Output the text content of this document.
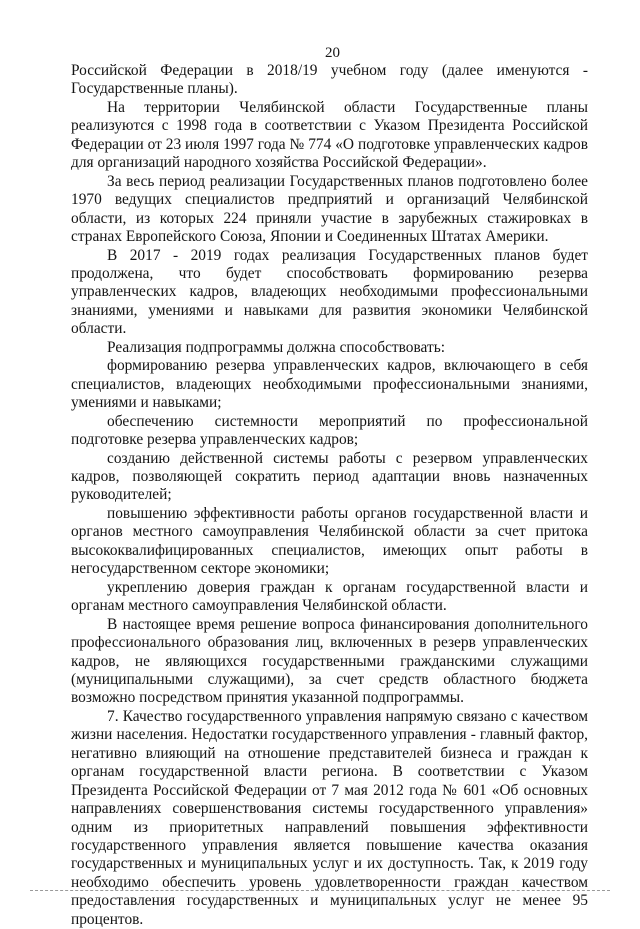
20

Российской Федерации в 2018/19 учебном году (далее именуются - Государственные планы).

На территории Челябинской области Государственные планы реализуются с 1998 года в соответствии с Указом Президента Российской Федерации от 23 июля 1997 года № 774 «О подготовке управленческих кадров для организаций народного хозяйства Российской Федерации».

За весь период реализации Государственных планов подготовлено более 1970 ведущих специалистов предприятий и организаций Челябинской области, из которых 224 приняли участие в зарубежных стажировках в странах Европейского Союза, Японии и Соединенных Штатах Америки.

В 2017 - 2019 годах реализация Государственных планов будет продолжена, что будет способствовать формированию резерва управленческих кадров, владеющих необходимыми профессиональными знаниями, умениями и навыками для развития экономики Челябинской области.

Реализация подпрограммы должна способствовать:

формированию резерва управленческих кадров, включающего в себя специалистов, владеющих необходимыми профессиональными знаниями, умениями и навыками;

обеспечению системности мероприятий по профессиональной подготовке резерва управленческих кадров;

созданию действенной системы работы с резервом управленческих кадров, позволяющей сократить период адаптации вновь назначенных руководителей;

повышению эффективности работы органов государственной власти и органов местного самоуправления Челябинской области за счет притока высококвалифицированных специалистов, имеющих опыт работы в негосударственном секторе экономики;

укреплению доверия граждан к органам государственной власти и органам местного самоуправления Челябинской области.

В настоящее время решение вопроса финансирования дополнительного профессионального образования лиц, включенных в резерв управленческих кадров, не являющихся государственными гражданскими служащими (муниципальными служащими), за счет средств областного бюджета возможно посредством принятия указанной подпрограммы.

7. Качество государственного управления напрямую связано с качеством жизни населения. Недостатки государственного управления - главный фактор, негативно влияющий на отношение представителей бизнеса и граждан к органам государственной власти региона. В соответствии с Указом Президента Российской Федерации от 7 мая 2012 года № 601 «Об основных направлениях совершенствования системы государственного управления» одним из приоритетных направлений повышения эффективности государственного управления является повышение качества оказания государственных и муниципальных услуг и их доступность. Так, к 2019 году необходимо обеспечить уровень удовлетворенности граждан качеством предоставления государственных и муниципальных услуг не менее 95 процентов.
